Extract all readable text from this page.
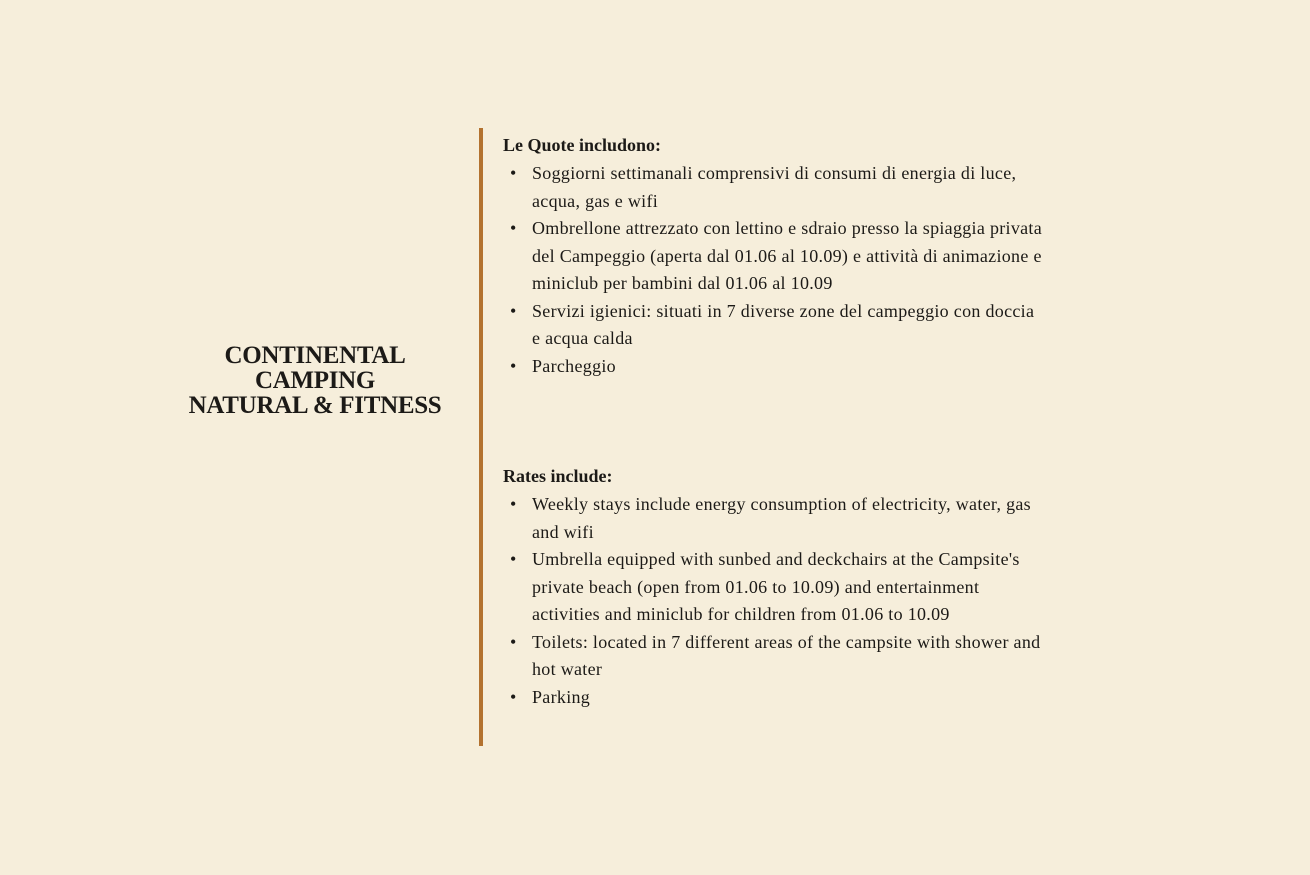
CONTINENTAL
CAMPING
NATURAL & FITNESS
Le Quote includono:
• Soggiorni settimanali comprensivi di consumi di energia di luce, acqua, gas e wifi
• Ombrellone attrezzato con lettino e sdraio presso la spiaggia privata del Campeggio (aperta dal 01.06 al 10.09) e attività di animazione e miniclub per bambini dal 01.06 al 10.09
• Servizi igienici: situati in 7 diverse zone del campeggio con doccia e acqua calda
• Parcheggio
Rates include:
• Weekly stays include energy consumption of electricity, water, gas and wifi
• Umbrella equipped with sunbed and deckchairs at the Campsite's private beach (open from 01.06 to 10.09) and entertainment activities and miniclub for children from 01.06 to 10.09
• Toilets: located in 7 different areas of the campsite with shower and hot water
• Parking
